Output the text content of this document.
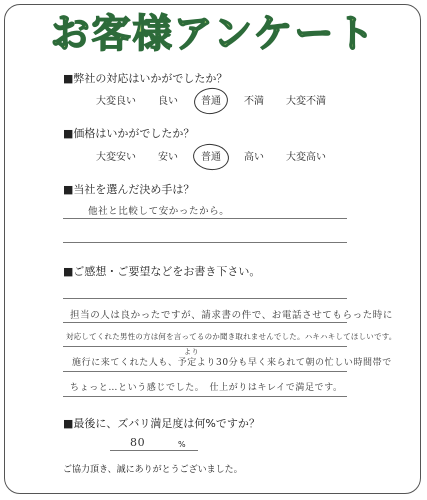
お客様アンケート
■弊社の対応はいかがでしたか？
大変良い 良い 普通 不満 大変不満
■価格はいかがでしたか？
大変安い 安い 普通 高い 大変高い
■当社を選んだ決め手は？
他社と比較して安かったから。
■ご感想・ご要望などをお書き下さい。
担当の人は良かったですが、請求書の件で、お電話させてもらった時に
対応してくれた男性の方は何を言ってるのか聞き取れませんでした。ハキハキしてほしいです。
より
施行に来てくれた人も、予定より30分も早く来られて朝の忙しい時間帯で
ちょっと…という感じでした。　仕上がりはキレイで満足です。
■最後に、ズバリ満足度は何%ですか？
80	%
ご協力頂き、誠にありがとうございました。
